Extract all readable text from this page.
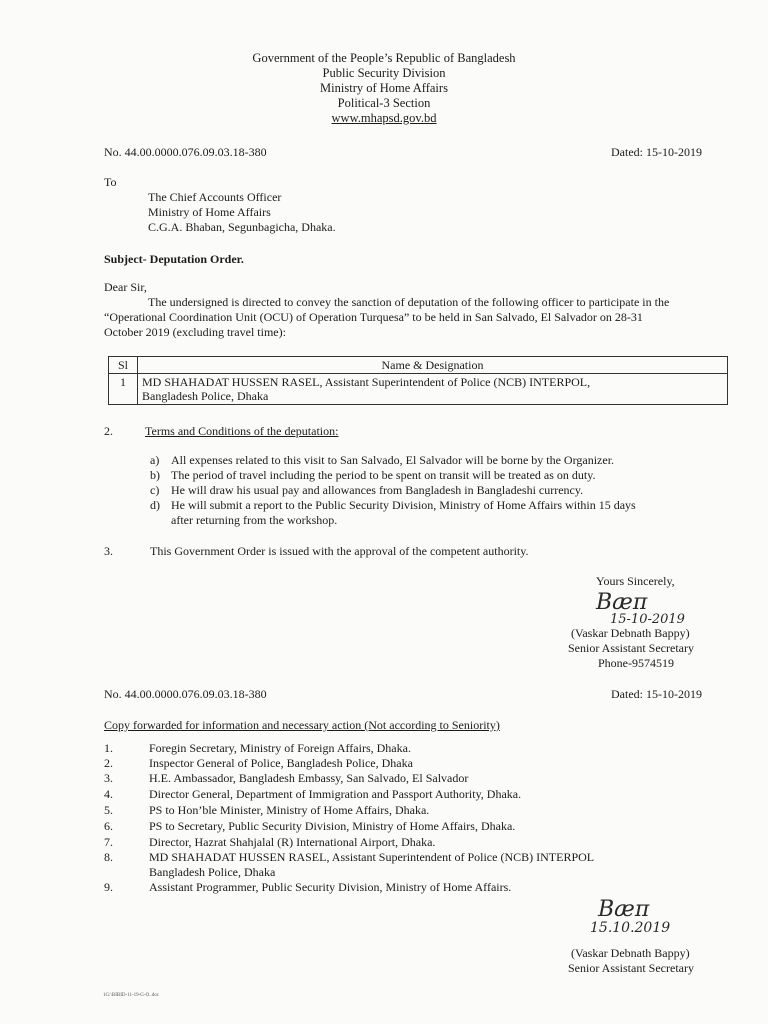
Government of the People’s Republic of Bangladesh
Public Security Division
Ministry of Home Affairs
Political-3 Section
www.mhapsd.gov.bd
No. 44.00.0000.076.09.03.18-380	Dated: 15-10-2019
To
The Chief Accounts Officer
Ministry of Home Affairs
C.G.A. Bhaban, Segunbagicha, Dhaka.
Subject- Deputation Order.
Dear Sir,
The undersigned is directed to convey the sanction of deputation of the following officer to participate in the
“Operational Coordination Unit (OCU) of Operation Turquesa” to be held in San Salvado, El Salvador on 28-31
October 2019 (excluding travel time):
Sl	Name & Designation
1	MD SHAHADAT HUSSEN RASEL, Assistant Superintendent of Police (NCB) INTERPOL,
Bangladesh Police, Dhaka
2.	Terms and Conditions of the deputation:
a) All expenses related to this visit to San Salvado, El Salvador will be borne by the Organizer.
b) The period of travel including the period to be spent on transit will be treated as on duty.
c) He will draw his usual pay and allowances from Bangladesh in Bangladeshi currency.
d) He will submit a report to the Public Security Division, Ministry of Home Affairs within 15 days
after returning from the workshop.
3.	This Government Order is issued with the approval of the competent authority.
Yours Sincerely,
Bæπ
15-10-2019
(Vaskar Debnath Bappy)
Senior Assistant Secretary
Phone-9574519
No. 44.00.0000.076.09.03.18-380	Dated: 15-10-2019
Copy forwarded for information and necessary action (Not according to Seniority)
1.	Foregin Secretary, Ministry of Foreign Affairs, Dhaka.
2.	Inspector General of Police, Bangladesh Police, Dhaka
3.	H.E. Ambassador, Bangladesh Embassy, San Salvado, El Salvador
4.	Director General, Department of Immigration and Passport Authority, Dhaka.
5.	PS to Hon’ble Minister, Ministry of Home Affairs, Dhaka.
6.	PS to Secretary, Public Security Division, Ministry of Home Affairs, Dhaka.
7.	Director, Hazrat Shahjalal (R) International Airport, Dhaka.
8.	MD SHAHADAT HUSSEN RASEL, Assistant Superintendent of Police (NCB) INTERPOL
Bangladesh Police, Dhaka
9.	Assistant Programmer, Public Security Division, Ministry of Home Affairs.
Bæπ
15.10.2019
(Vaskar Debnath Bappy)
Senior Assistant Secretary
1G:\BIBID-11-19-G-O..doc
